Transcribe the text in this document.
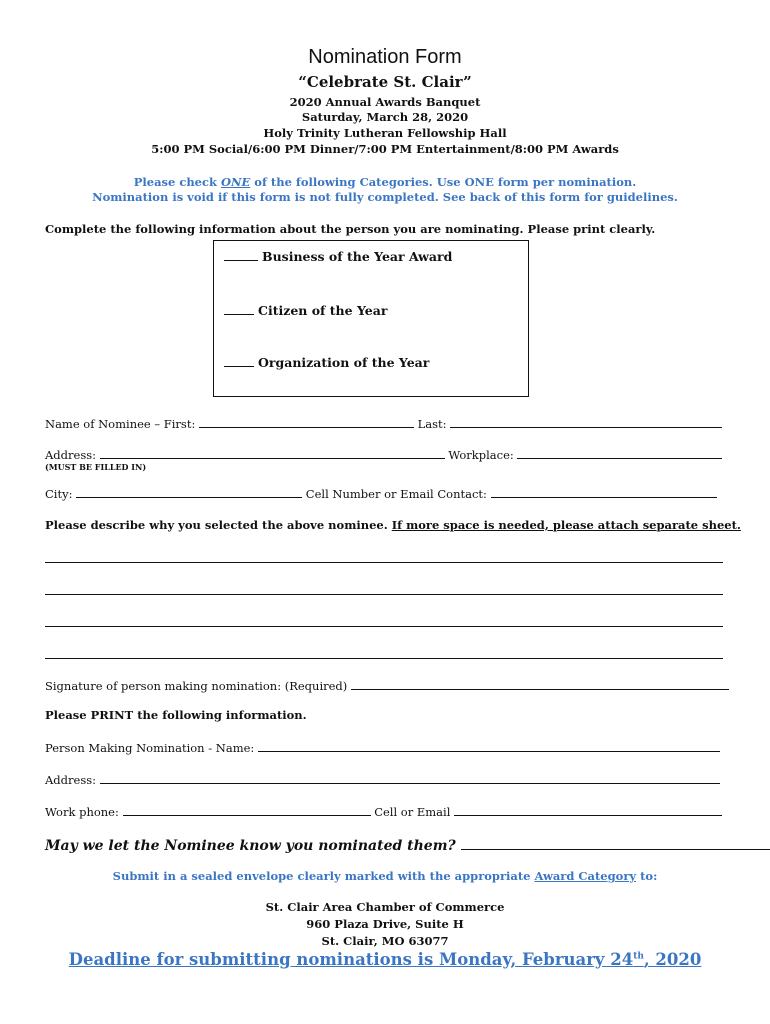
Nomination Form
“Celebrate St. Clair”
2020 Annual Awards Banquet
Saturday, March 28, 2020
Holy Trinity Lutheran Fellowship Hall
5:00 PM Social/6:00 PM Dinner/7:00 PM Entertainment/8:00 PM Awards
Please check ONE of the following Categories. Use ONE form per nomination.
Nomination is void if this form is not fully completed. See back of this form for guidelines.
Complete the following information about the person you are nominating. Please print clearly.
Business of the Year Award
Citizen of the Year
Organization of the Year
Name of Nominee – First:	Last:
Address:	Workplace:
(MUST BE FILLED IN)
City:	Cell Number or Email Contact:
Please describe why you selected the above nominee. If more space is needed, please attach separate sheet.
Signature of person making nomination: (Required)
Please PRINT the following information.
Person Making Nomination - Name:
Address:
Work phone:	Cell or Email
May we let the Nominee know you nominated them?
Submit in a sealed envelope clearly marked with the appropriate Award Category to:
St. Clair Area Chamber of Commerce
960 Plaza Drive, Suite H
St. Clair, MO 63077
Deadline for submitting nominations is Monday, February 24th, 2020
